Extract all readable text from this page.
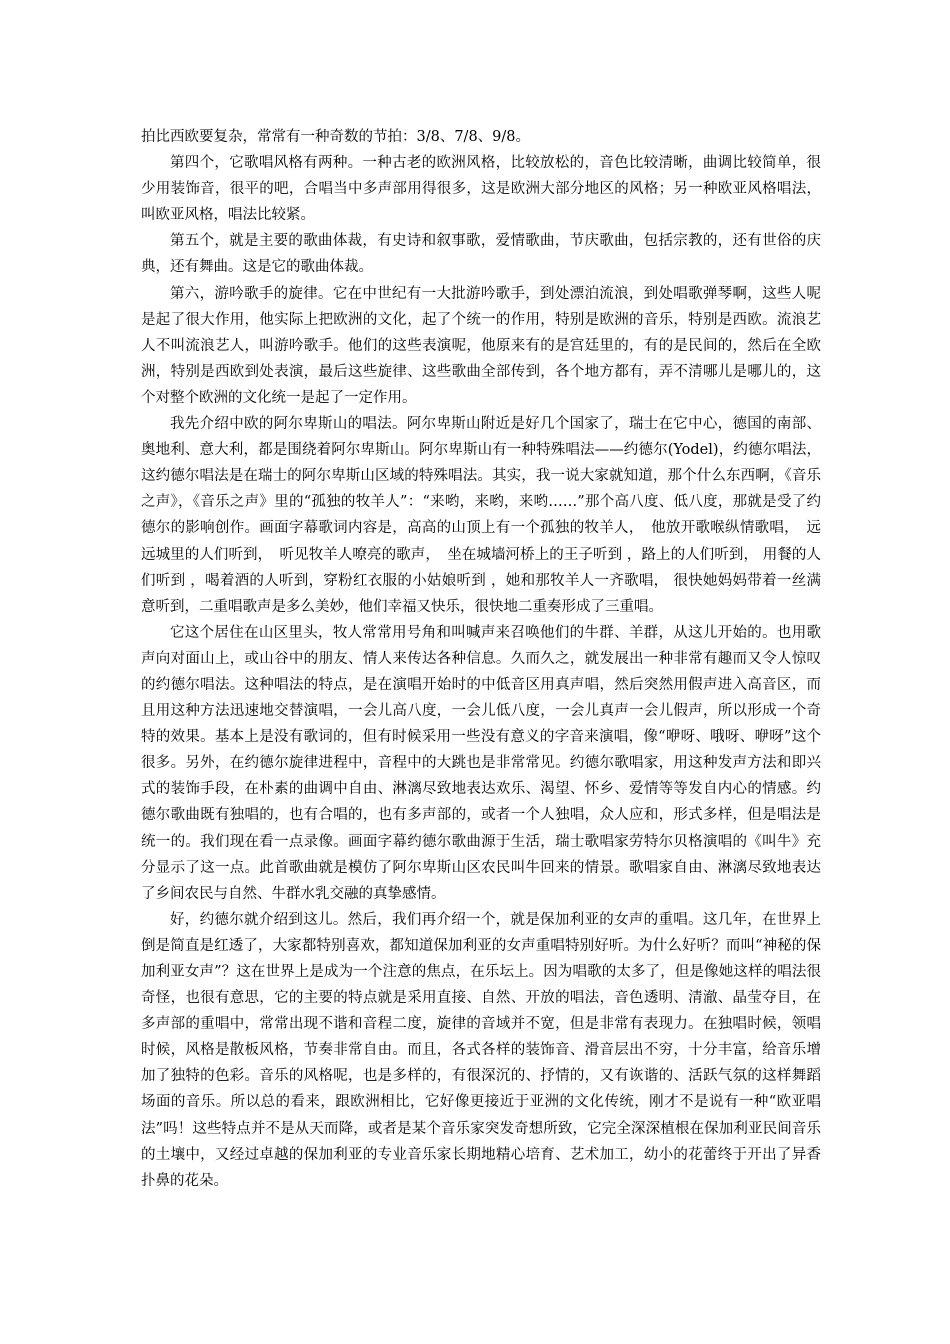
拍比西欧要复杂，常常有一种奇数的节拍：3/8、7/8、9/8。

第四个，它歌唱风格有两种。一种古老的欧洲风格，比较放松的，音色比较清晰，曲调比较简单，很少用装饰音，很平的吧，合唱当中多声部用得很多，这是欧洲大部分地区的风格；另一种欧亚风格唱法，叫欧亚风格，唱法比较紧。

第五个，就是主要的歌曲体裁，有史诗和叙事歌，爱情歌曲，节庆歌曲，包括宗教的，还有世俗的庆典，还有舞曲。这是它的歌曲体裁。

第六，游吟歌手的旋律。它在中世纪有一大批游吟歌手，到处漂泊流浪，到处唱歌弹琴啊，这些人呢是起了很大作用，他实际上把欧洲的文化，起了个统一的作用，特别是欧洲的音乐，特别是西欧。流浪艺人不叫流浪艺人，叫游吟歌手。他们的这些表演呢，他原来有的是宫廷里的，有的是民间的，然后在全欧洲，特别是西欧到处表演，最后这些旋律、这些歌曲全部传到，各个地方都有，弄不清哪儿是哪儿的，这个对整个欧洲的文化统一是起了一定作用。

我先介绍中欧的阿尔卑斯山的唱法。阿尔卑斯山附近是好几个国家了，瑞士在它中心，德国的南部、奥地利、意大利，都是围绕着阿尔卑斯山。阿尔卑斯山有一种特殊唱法——约德尔(Yodel)，约德尔唱法，这约德尔唱法是在瑞士的阿尔卑斯山区域的特殊唱法。其实，我一说大家就知道，那个什么东西啊，《音乐之声》，《音乐之声》里的“孤独的牧羊人”：“来哟，来哟，来哟……”那个高八度、低八度，那就是受了约德尔的影响创作。画面字幕歌词内容是，高高的山顶上有一个孤独的牧羊人，　他放开歌喉纵情歌唱，　远远城里的人们听到，　听见牧羊人嘹亮的歌声，　坐在城墙河桥上的王子听到 ，路上的人们听到， 用餐的人们听到 ，喝着酒的人听到，穿粉红衣服的小姑娘听到 ，她和那牧羊人一齐歌唱， 很快她妈妈带着一丝满意听到，二重唱歌声是多么美妙，他们幸福又快乐，很快地二重奏形成了三重唱。

它这个居住在山区里头，牧人常常用号角和叫喊声来召唤他们的牛群、羊群，从这儿开始的。也用歌声向对面山上，或山谷中的朋友、情人来传达各种信息。久而久之，就发展出一种非常有趣而又令人惊叹的约德尔唱法。这种唱法的特点，是在演唱开始时的中低音区用真声唱，然后突然用假声进入高音区，而且用这种方法迅速地交替演唱，一会儿高八度，一会儿低八度，一会儿真声一会儿假声，所以形成一个奇特的效果。基本上是没有歌词的，但有时候采用一些没有意义的字音来演唱，像“咿呀、哦呀、咿呀”这个很多。另外，在约德尔旋律进程中，音程中的大跳也是非常常见。约德尔歌唱家，用这种发声方法和即兴式的装饰手段，在朴素的曲调中自由、淋漓尽致地表达欢乐、渴望、怀乡、爱情等等发自内心的情感。约德尔歌曲既有独唱的，也有合唱的，也有多声部的，或者一个人独唱，众人应和，形式多样，但是唱法是统一的。我们现在看一点录像。画面字幕约德尔歌曲源于生活，瑞士歌唱家劳特尔贝格演唱的《叫牛》充分显示了这一点。此首歌曲就是模仿了阿尔卑斯山区农民叫牛回来的情景。歌唱家自由、淋漓尽致地表达了乡间农民与自然、牛群水乳交融的真挚感情。

好，约德尔就介绍到这儿。然后，我们再介绍一个，就是保加利亚的女声的重唱。这几年，在世界上倒是简直是红透了，大家都特别喜欢，都知道保加利亚的女声重唱特别好听。为什么好听？而叫“神秘的保加利亚女声”？这在世界上是成为一个注意的焦点，在乐坛上。因为唱歌的太多了，但是像她这样的唱法很奇怪，也很有意思，它的主要的特点就是采用直接、自然、开放的唱法，音色透明、清澈、晶莹夺目，在多声部的重唱中，常常出现不谐和音程二度，旋律的音域并不宽，但是非常有表现力。在独唱时候，领唱时候，风格是散板风格，节奏非常自由。而且，各式各样的装饰音、滑音层出不穷，十分丰富，给音乐增加了独特的色彩。音乐的风格呢，也是多样的，有很深沉的、抒情的，又有诙谐的、活跃气氛的这样舞蹈场面的音乐。所以总的看来，跟欧洲相比，它好像更接近于亚洲的文化传统，刚才不是说有一种“欧亚唱法”吗！这些特点并不是从天而降，或者是某个音乐家突发奇想所致，它完全深深植根在保加利亚民间音乐的土壤中，又经过卓越的保加利亚的专业音乐家长期地精心培育、艺术加工，幼小的花蕾终于开出了异香扑鼻的花朵。
